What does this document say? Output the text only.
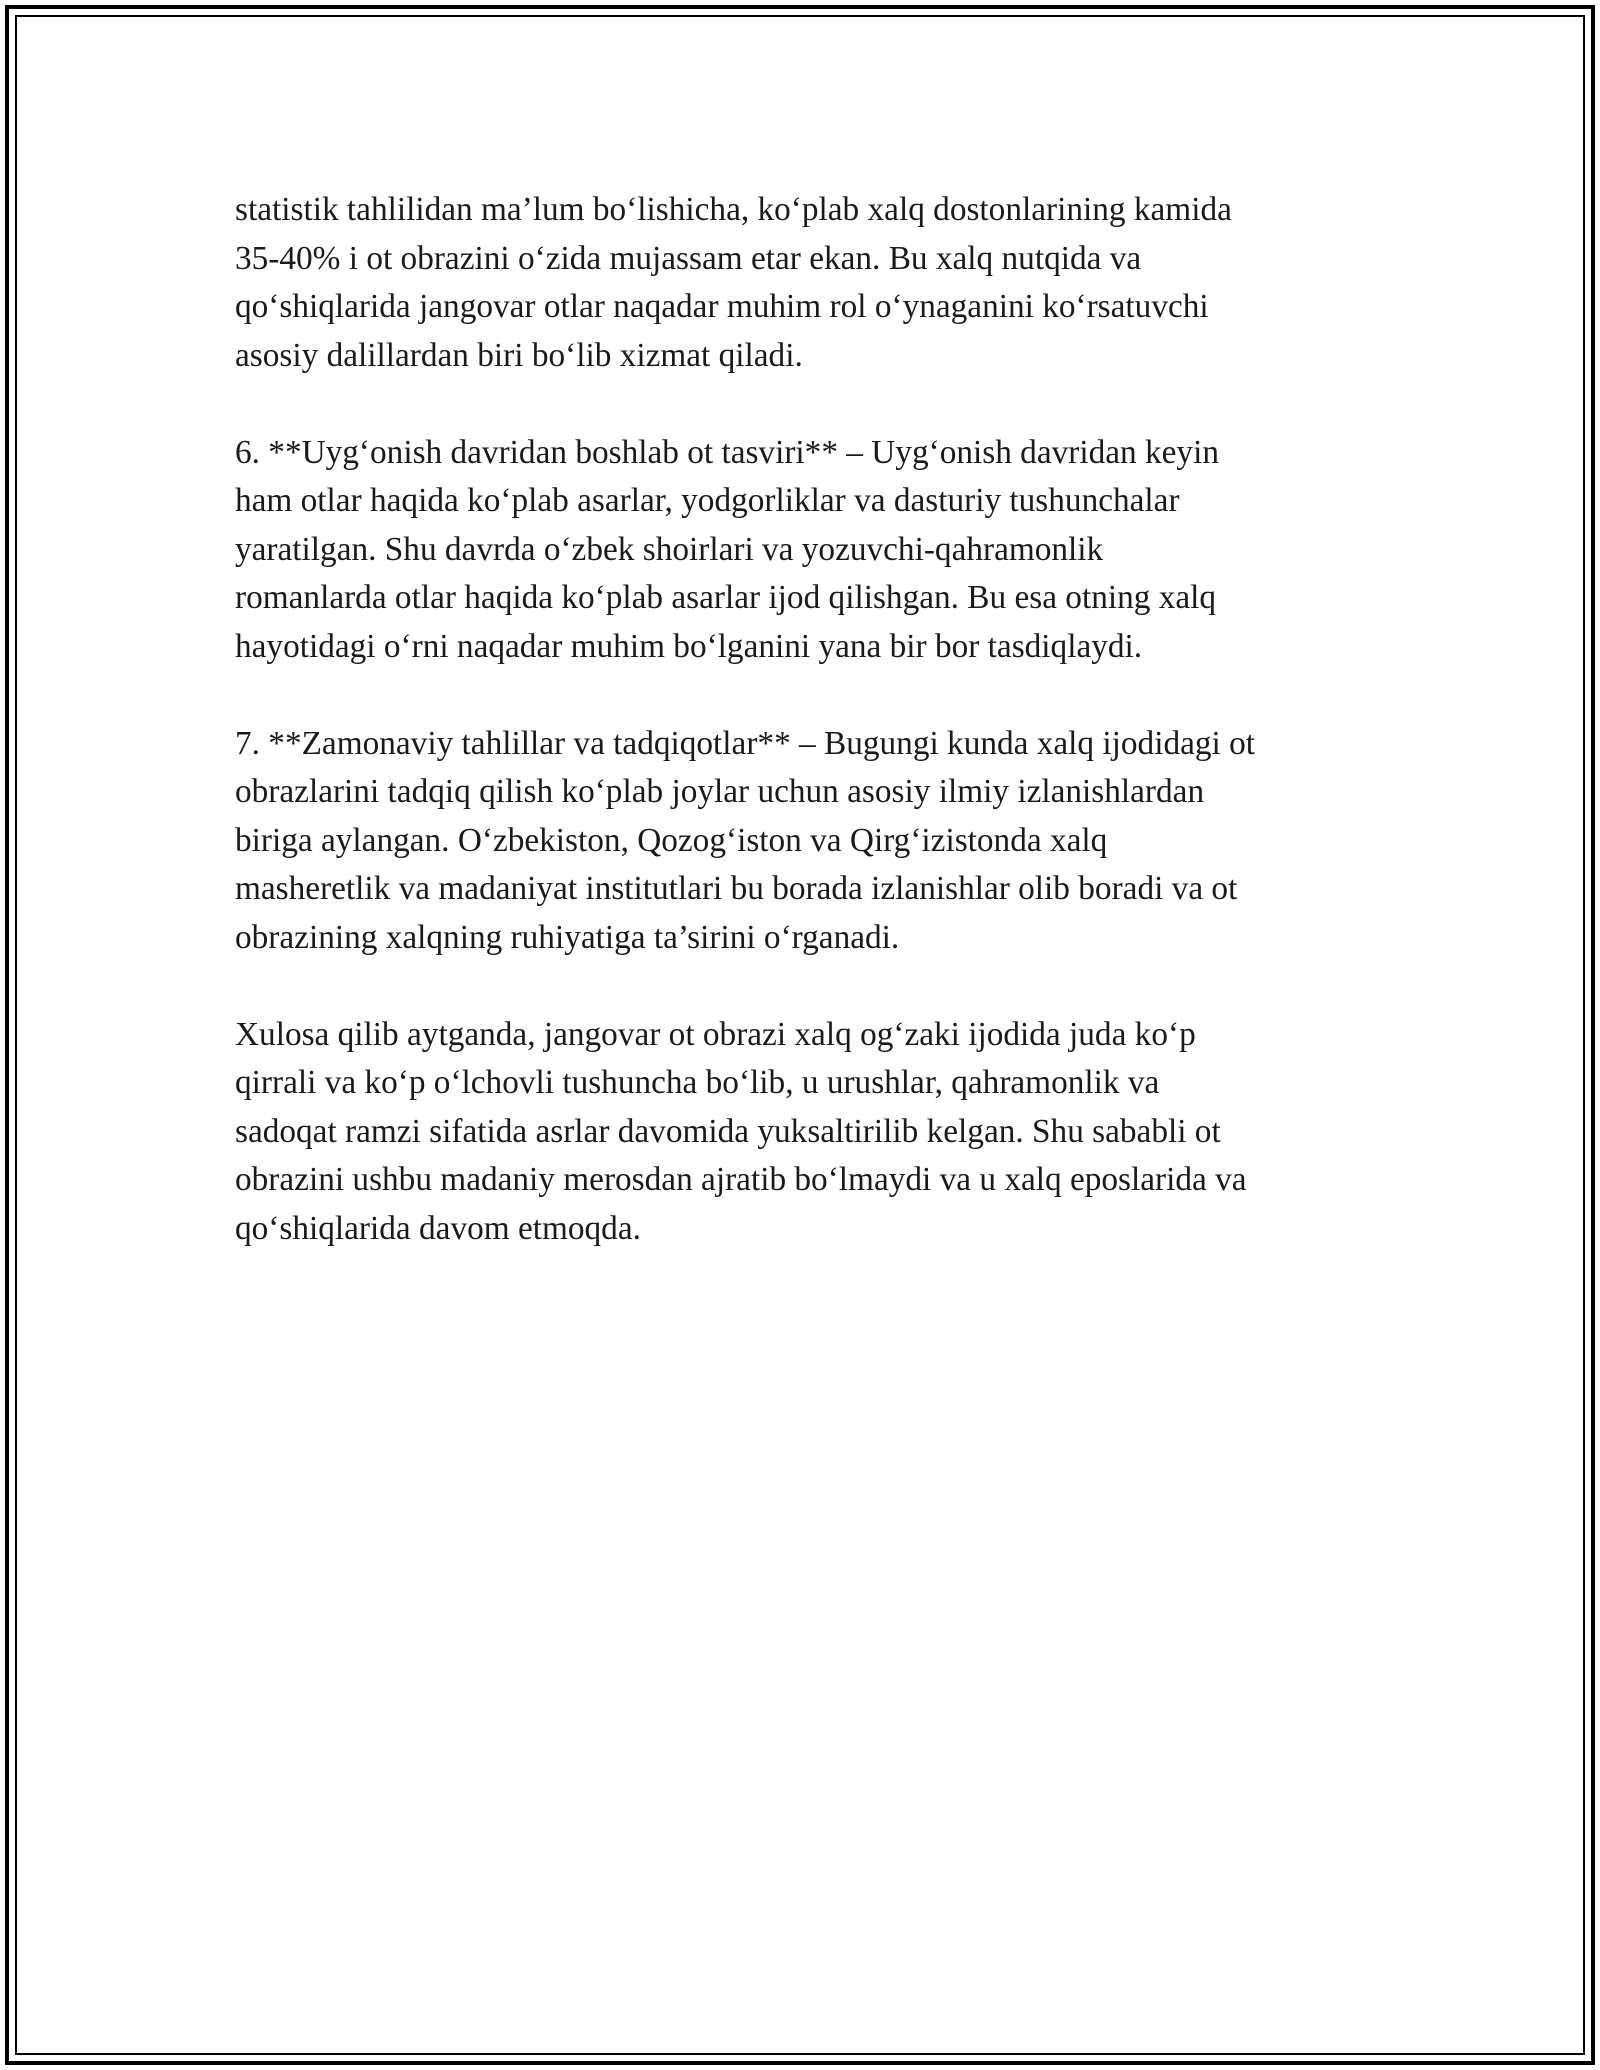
statistik tahlilidan ma’lum bo‘lishicha, ko‘plab xalq dostonlarining kamida
35-40% i ot obrazini o‘zida mujassam etar ekan. Bu xalq nutqida va
qo‘shiqlarida jangovar otlar naqadar muhim rol o‘ynaganini ko‘rsatuvchi
asosiy dalillardan biri bo‘lib xizmat qiladi.

6. **Uyg‘onish davridan boshlab ot tasviri** – Uyg‘onish davridan keyin
ham otlar haqida ko‘plab asarlar, yodgorliklar va dasturiy tushunchalar
yaratilgan. Shu davrda o‘zbek shoirlari va yozuvchi-qahramonlik
romanlarda otlar haqida ko‘plab asarlar ijod qilishgan. Bu esa otning xalq
hayotidagi o‘rni naqadar muhim bo‘lganini yana bir bor tasdiqlaydi.

7. **Zamonaviy tahlillar va tadqiqotlar** – Bugungi kunda xalq ijodidagi ot
obrazlarini tadqiq qilish ko‘plab joylar uchun asosiy ilmiy izlanishlardan
biriga aylangan. O‘zbekiston, Qozog‘iston va Qirg‘izistonda xalq
masheretlik va madaniyat institutlari bu borada izlanishlar olib boradi va ot
obrazining xalqning ruhiyatiga ta’sirini o‘rganadi.

Xulosa qilib aytganda, jangovar ot obrazi xalq og‘zaki ijodida juda ko‘p
qirrali va ko‘p o‘lchovli tushuncha bo‘lib, u urushlar, qahramonlik va
sadoqat ramzi sifatida asrlar davomida yuksaltirilib kelgan. Shu sababli ot
obrazini ushbu madaniy merosdan ajratib bo‘lmaydi va u xalq eposlarida va
qo‘shiqlarida davom etmoqda.
